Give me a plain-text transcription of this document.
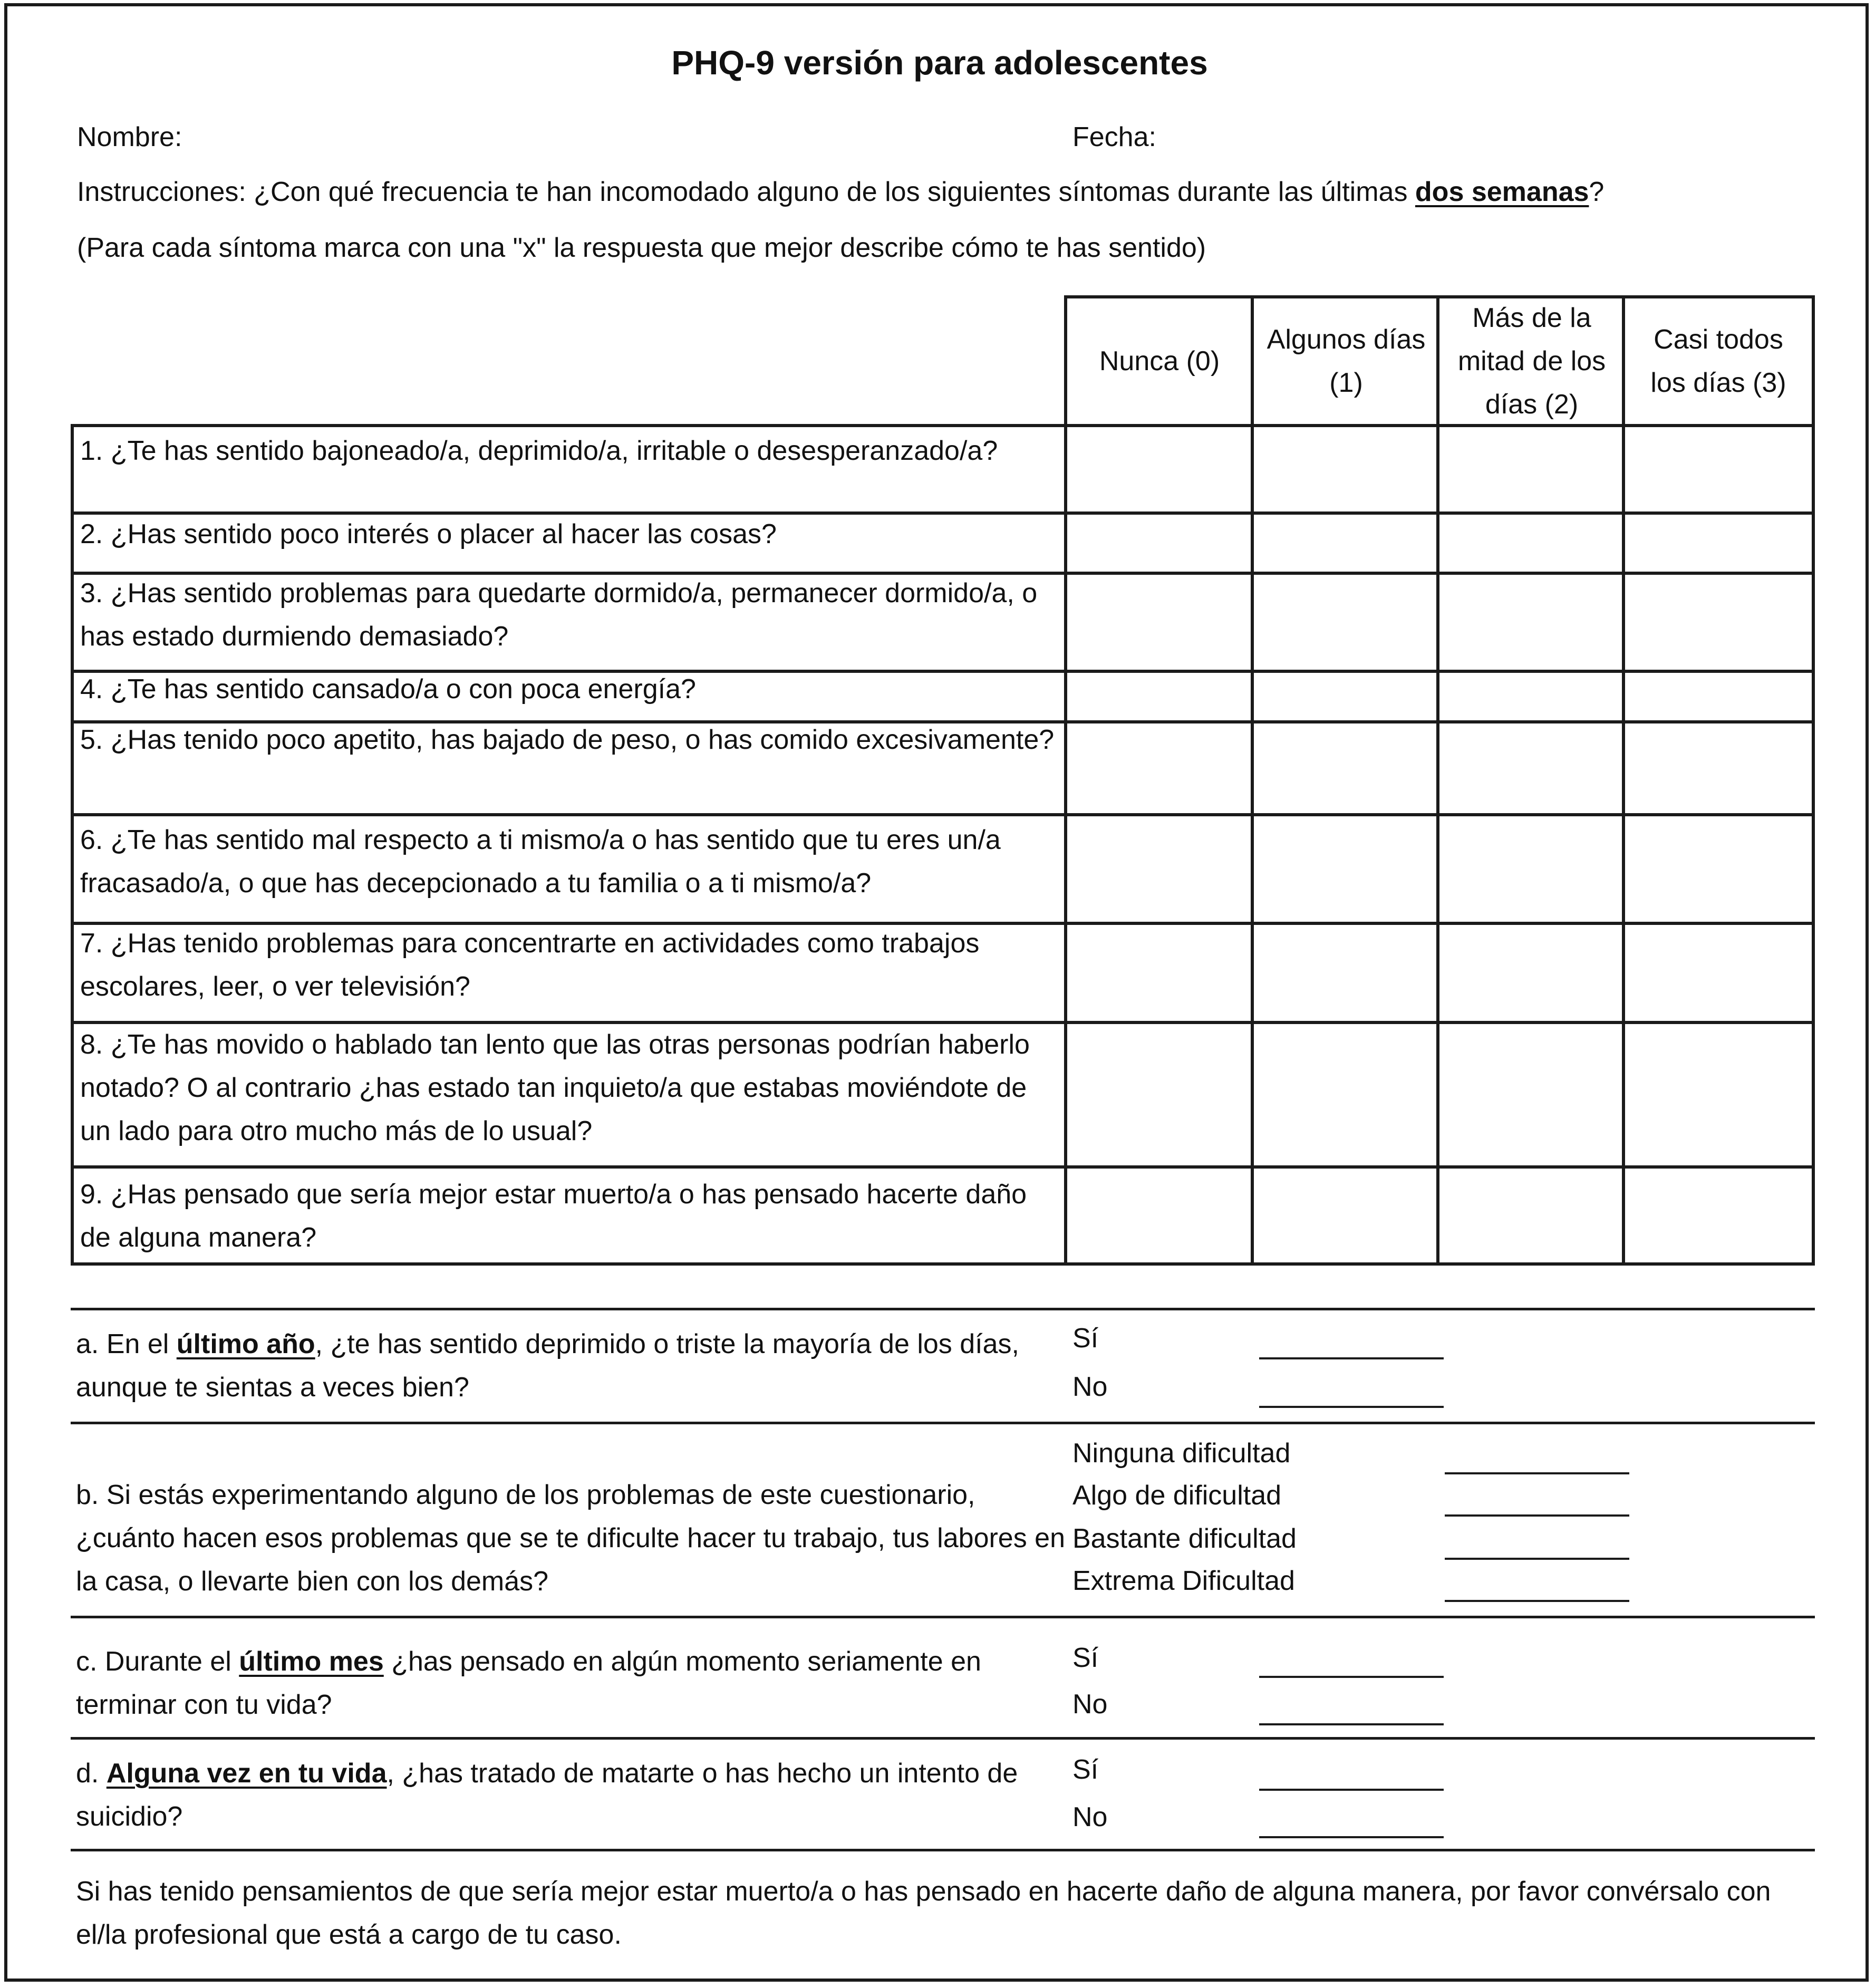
PHQ-9 versión para adolescentes
Nombre:	Fecha:
Instrucciones: ¿Con qué frecuencia te han incomodado alguno de los siguientes síntomas durante las últimas dos semanas?
(Para cada síntoma marca con una "x" la respuesta que mejor describe cómo te has sentido)
Nunca (0)
Algunos días
(1)
Más de la
mitad de los
días (2)
Casi todos
los días (3)
1. ¿Te has sentido bajoneado/a, deprimido/a, irritable o desesperanzado/a?
2. ¿Has sentido poco interés o placer al hacer las cosas?
3. ¿Has sentido problemas para quedarte dormido/a, permanecer dormido/a, o has estado durmiendo demasiado?
4. ¿Te has sentido cansado/a o con poca energía?
5. ¿Has tenido poco apetito, has bajado de peso, o has comido excesivamente?
6. ¿Te has sentido mal respecto a ti mismo/a o has sentido que tu eres un/a fracasado/a, o que has decepcionado a tu familia o a ti mismo/a?
7. ¿Has tenido problemas para concentrarte en actividades como trabajos escolares, leer, o ver televisión?
8. ¿Te has movido o hablado tan lento que las otras personas podrían haberlo notado? O al contrario ¿has estado tan inquieto/a que estabas moviéndote de un lado para otro mucho más de lo usual?
9. ¿Has pensado que sería mejor estar muerto/a o has pensado hacerte daño de alguna manera?
a. En el último año, ¿te has sentido deprimido o triste la mayoría de los días, aunque te sientas a veces bien?
Sí
No
b. Si estás experimentando alguno de los problemas de este cuestionario, ¿cuánto hacen esos problemas que se te dificulte hacer tu trabajo, tus labores en la casa, o llevarte bien con los demás?
Ninguna dificultad
Algo de dificultad
Bastante dificultad
Extrema Dificultad
c. Durante el último mes ¿has pensado en algún momento seriamente en terminar con tu vida?
Sí
No
d. Alguna vez en tu vida, ¿has tratado de matarte o has hecho un intento de suicidio?
Sí
No
Si has tenido pensamientos de que sería mejor estar muerto/a o has pensado en hacerte daño de alguna manera, por favor convérsalo con el/la profesional que está a cargo de tu caso.
